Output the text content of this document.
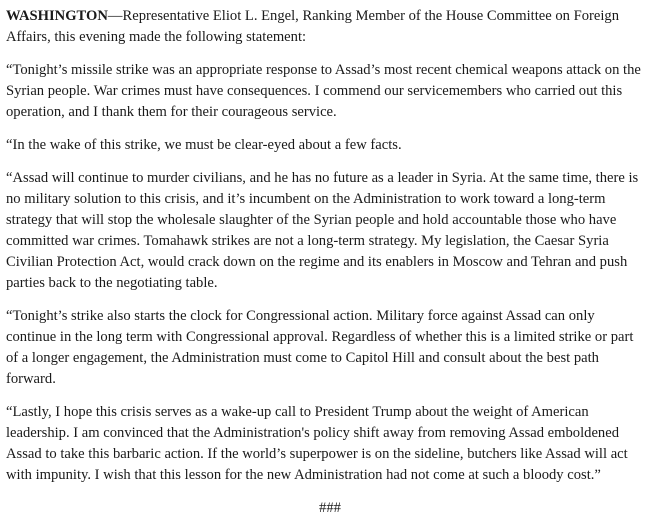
WASHINGTON—Representative Eliot L. Engel, Ranking Member of the House Committee on Foreign Affairs, this evening made the following statement:

“Tonight’s missile strike was an appropriate response to Assad’s most recent chemical weapons attack on the Syrian people. War crimes must have consequences. I commend our servicemembers who carried out this operation, and I thank them for their courageous service.

“In the wake of this strike, we must be clear-eyed about a few facts.

“Assad will continue to murder civilians, and he has no future as a leader in Syria. At the same time, there is no military solution to this crisis, and it’s incumbent on the Administration to work toward a long-term strategy that will stop the wholesale slaughter of the Syrian people and hold accountable those who have committed war crimes. Tomahawk strikes are not a long-term strategy. My legislation, the Caesar Syria Civilian Protection Act, would crack down on the regime and its enablers in Moscow and Tehran and push parties back to the negotiating table.

“Tonight’s strike also starts the clock for Congressional action. Military force against Assad can only continue in the long term with Congressional approval. Regardless of whether this is a limited strike or part of a longer engagement, the Administration must come to Capitol Hill and consult about the best path forward.

“Lastly, I hope this crisis serves as a wake-up call to President Trump about the weight of American leadership. I am convinced that the Administration's policy shift away from removing Assad emboldened Assad to take this barbaric action. If the world’s superpower is on the sideline, butchers like Assad will act with impunity. I wish that this lesson for the new Administration had not come at such a bloody cost.”

###
